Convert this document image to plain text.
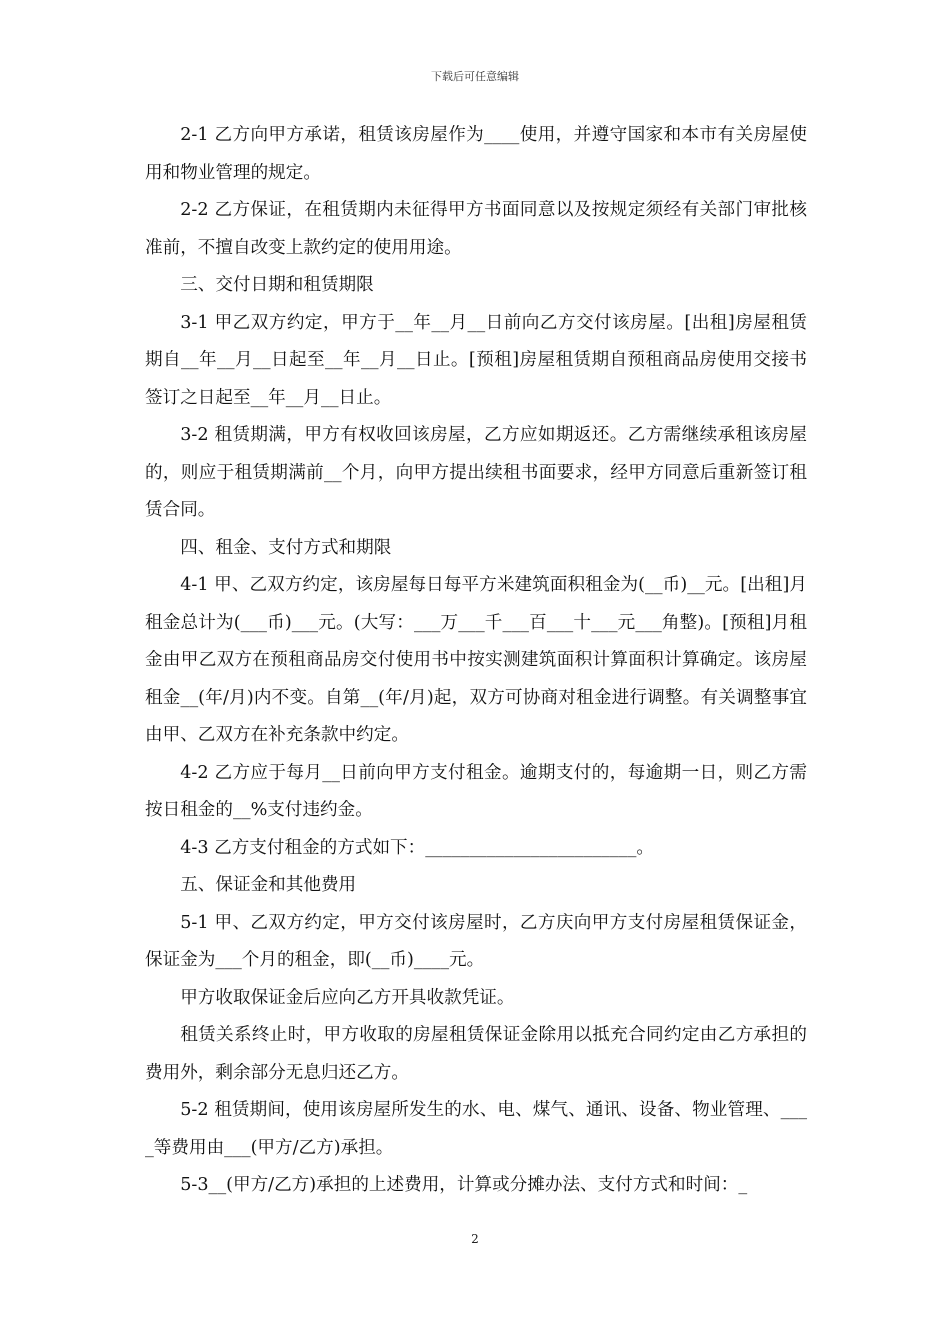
下载后可任意编辑

2-1 乙方向甲方承诺，租赁该房屋作为____使用，并遵守国家和本市有关房屋使用和物业管理的规定。

2-2 乙方保证，在租赁期内未征得甲方书面同意以及按规定须经有关部门审批核准前，不擅自改变上款约定的使用用途。

三、交付日期和租赁期限

3-1 甲乙双方约定，甲方于__年__月__日前向乙方交付该房屋。[出租]房屋租赁期自__年__月__日起至__年__月__日止。[预租]房屋租赁期自预租商品房使用交接书签订之日起至__年__月__日止。

3-2 租赁期满，甲方有权收回该房屋，乙方应如期返还。乙方需继续承租该房屋的，则应于租赁期满前__个月，向甲方提出续租书面要求，经甲方同意后重新签订租赁合同。

四、租金、支付方式和期限

4-1 甲、乙双方约定，该房屋每日每平方米建筑面积租金为(__币)__元。[出租]月租金总计为(___币)___元。(大写：___万___千___百___十___元___角整)。[预租]月租金由甲乙双方在预租商品房交付使用书中按实测建筑面积计算面积计算确定。该房屋租金__(年/月)内不变。自第__(年/月)起，双方可协商对租金进行调整。有关调整事宜由甲、乙双方在补充条款中约定。

4-2 乙方应于每月__日前向甲方支付租金。逾期支付的，每逾期一日，则乙方需按日租金的__%支付违约金。

4-3 乙方支付租金的方式如下：________________________。

五、保证金和其他费用

5-1 甲、乙双方约定，甲方交付该房屋时，乙方庆向甲方支付房屋租赁保证金，保证金为___个月的租金，即(__币)____元。

甲方收取保证金后应向乙方开具收款凭证。

租赁关系终止时，甲方收取的房屋租赁保证金除用以抵充合同约定由乙方承担的费用外，剩余部分无息归还乙方。

5-2 租赁期间，使用该房屋所发生的水、电、煤气、通讯、设备、物业管理、____等费用由___(甲方/乙方)承担。

5-3__(甲方/乙方)承担的上述费用，计算或分摊办法、支付方式和时间：_

2
